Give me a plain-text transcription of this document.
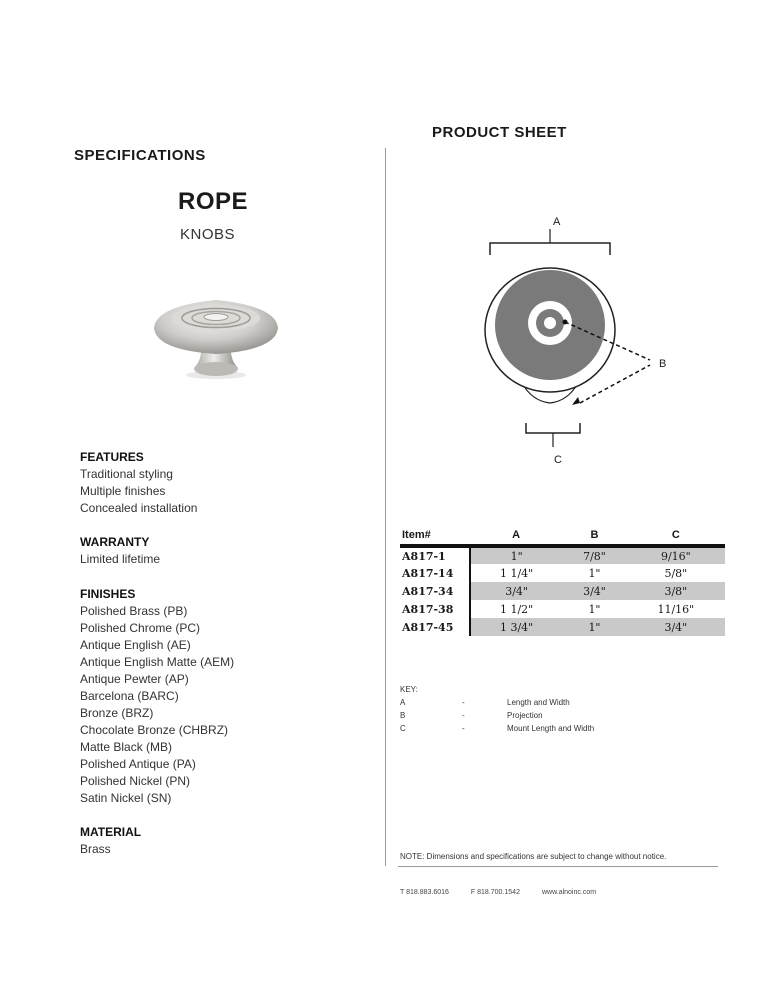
SPECIFICATIONS
PRODUCT SHEET
ROPE
KNOBS
FEATURES
Traditional styling
Multiple finishes
Concealed installation
WARRANTY
Limited lifetime
FINISHES
Polished Brass (PB)
Polished Chrome (PC)
Antique English (AE)
Antique English Matte (AEM)
Antique Pewter (AP)
Barcelona (BARC)
Bronze (BRZ)
Chocolate Bronze (CHBRZ)
Matte Black (MB)
Polished Antique (PA)
Polished Nickel (PN)
Satin Nickel (SN)
MATERIAL
Brass
A
B
C
Item#	A	B	C
A817-1	1"	7/8"	9/16"
A817-14	1 1/4"	1"	5/8"
A817-34	3/4"	3/4"	3/8"
A817-38	1 1/2"	1"	11/16"
A817-45	1 3/4"	1"	3/4"
KEY:
A	-	Length and Width
B	-	Projection
C	-	Mount Length and Width
NOTE: Dimensions and specifications are subject to change without notice.
T 818.883.6016	F 818.700.1542	www.alnoinc.com
